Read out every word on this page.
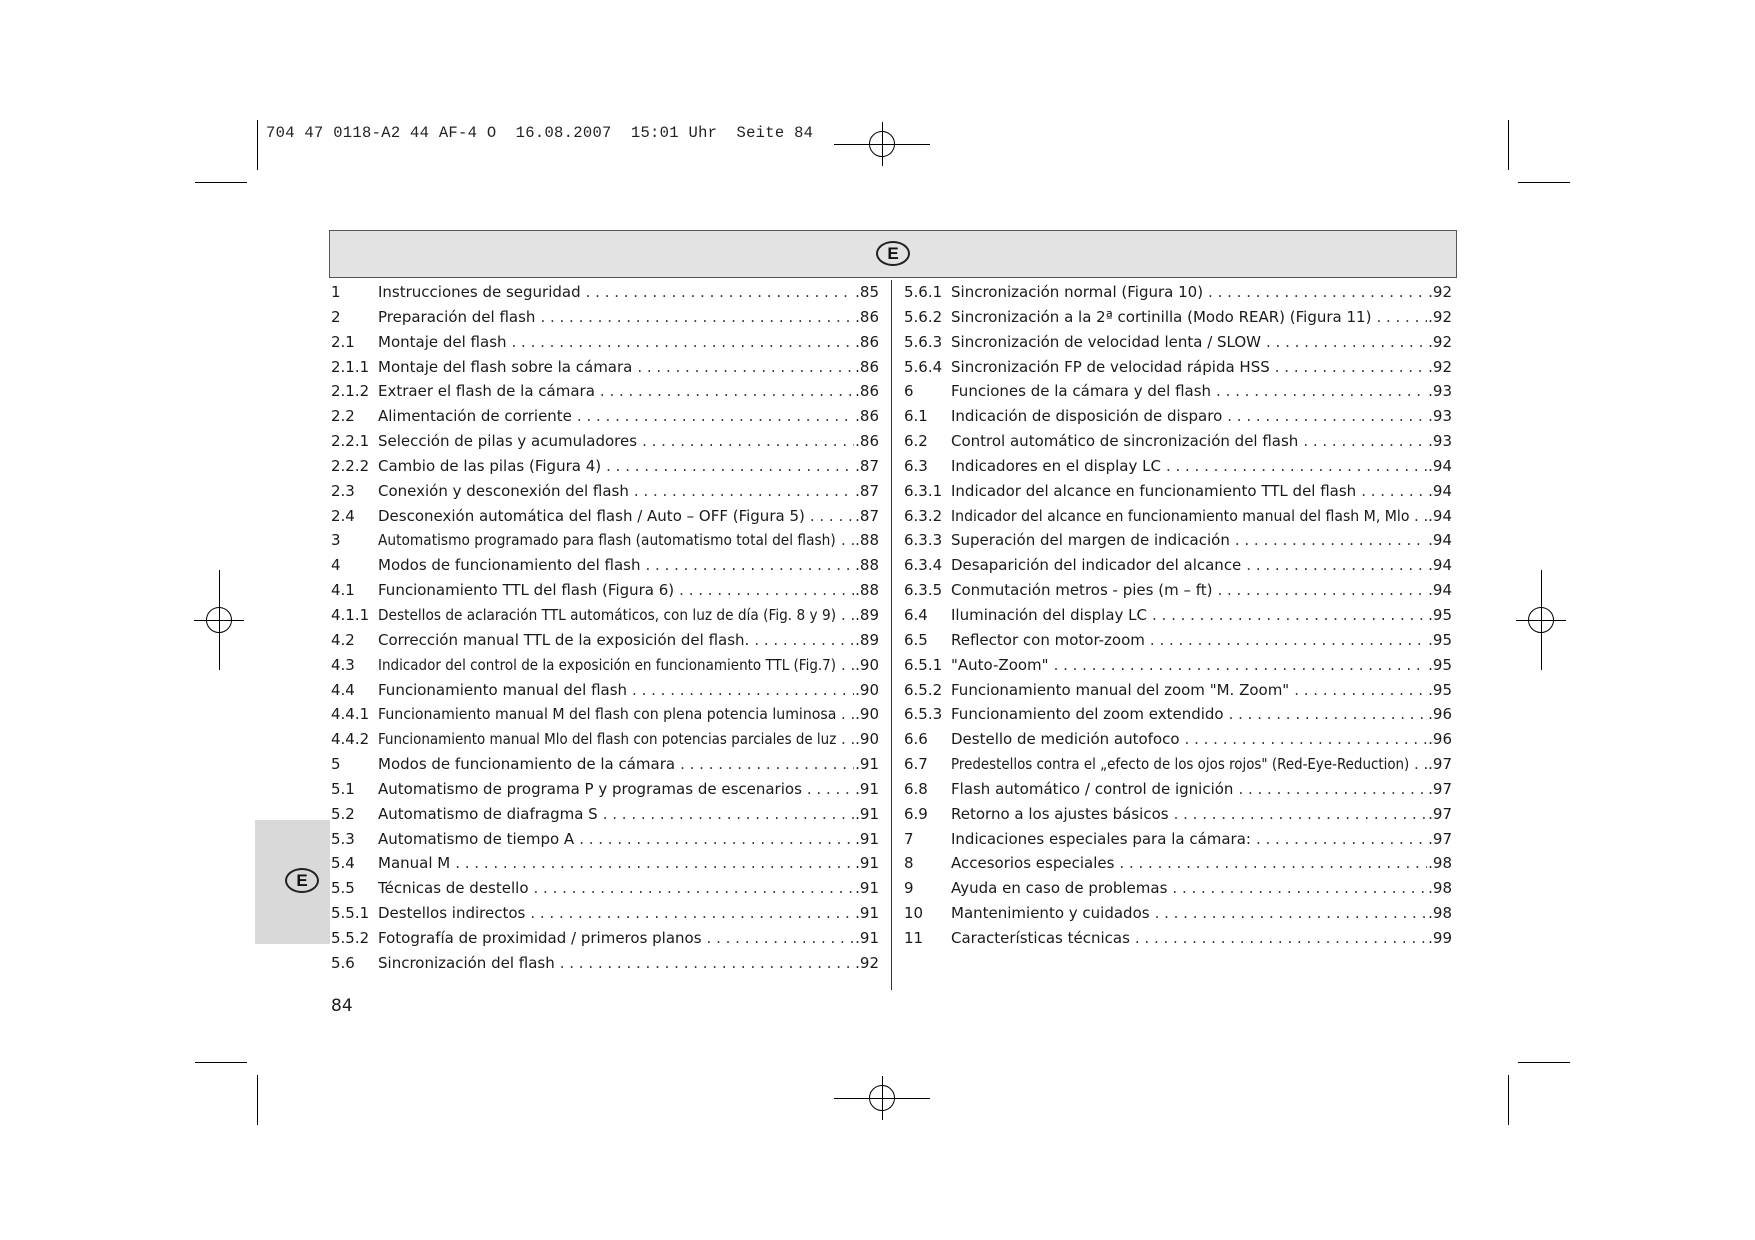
704 47 0118-A2 44 AF-4 O  16.08.2007  15:01 Uhr  Seite 84
E
E
1	Instrucciones de seguridad . . .	.85
2	Preparación del flash . . .	.86
2.1	Montaje del flash . . .	.86
2.1.1 Montaje del flash sobre la cámara . . .	.86
2.1.2 Extraer el flash de la cámara . . .	.86
2.2	Alimentación de corriente . . .	.86
2.2.1 Selección de pilas y acumuladores . . .	.86
2.2.2 Cambio de las pilas (Figura 4) . . .	.87
2.3	Conexión y desconexión del flash . . .	.87
2.4	Desconexión automática del flash / Auto – OFF (Figura 5) . . .	.87
3	Automatismo programado para flash (automatismo total del flash) . . . .88
4	Modos de funcionamiento del flash . . .	.88
4.1	Funcionamiento TTL del flash (Figura 6) . . .	.88
4.1.1 Destellos de aclaración TTL automáticos, con luz de día (Fig. 8 y 9) . . . .89
4.2	Corrección manual TTL de la exposición del flash. . . .	.89
4.3	Indicador del control de la exposición en funcionamiento TTL (Fig.7) . . . .90
4.4	Funcionamiento manual del flash . . .	.90
4.4.1 Funcionamiento manual M del flash con plena potencia luminosa . . . .90
4.4.2 Funcionamiento manual Mlo del flash con potencias parciales de luz . . . .90
5	Modos de funcionamiento de la cámara . . .	.91
5.1	Automatismo de programa P y programas de escenarios . . .	.91
5.2	Automatismo de diafragma S . . .	.91
5.3	Automatismo de tiempo A . . .	.91
5.4	Manual M . . .	.91
5.5	Técnicas de destello . . .	.91
5.5.1 Destellos indirectos . . .	.91
5.5.2 Fotografía de proximidad / primeros planos . . .	.91
5.6	Sincronización del flash . . .	.92
5.6.1 Sincronización normal (Figura 10) . . .	.92
5.6.2 Sincronización a la 2ª cortinilla (Modo REAR) (Figura 11) . . .	.92
5.6.3 Sincronización de velocidad lenta / SLOW . . .	.92
5.6.4 Sincronización FP de velocidad rápida HSS . . .	.92
6	Funciones de la cámara y del flash . . .	.93
6.1	Indicación de disposición de disparo . . .	.93
6.2	Control automático de sincronización del flash . . .	.93
6.3	Indicadores en el display LC . . .	.94
6.3.1 Indicador del alcance en funcionamiento TTL del flash . . .	.94
6.3.2 Indicador del alcance en funcionamiento manual del flash M, Mlo . . . .94
6.3.3 Superación del margen de indicación . . .	.94
6.3.4 Desaparición del indicador del alcance . . .	.94
6.3.5 Conmutación metros - pies (m – ft) . . .	.94
6.4	Iluminación del display LC . . .	.95
6.5	Reflector con motor-zoom . . .	.95
6.5.1 "Auto-Zoom" . . .	.95
6.5.2 Funcionamiento manual del zoom "M. Zoom" . . .	.95
6.5.3 Funcionamiento del zoom extendido . . .	.96
6.6	Destello de medición autofoco . . .	.96
6.7	Predestellos contra el „efecto de los ojos rojos" (Red-Eye-Reduction) . . . .97
6.8	Flash automático / control de ignición . . .	.97
6.9	Retorno a los ajustes básicos . . .	.97
7	Indicaciones especiales para la cámara: . . .	.97
8	Accesorios especiales . . .	.98
9	Ayuda en caso de problemas . . .	.98
10	Mantenimiento y cuidados . . .	.98
11	Características técnicas . . .	.99
84
